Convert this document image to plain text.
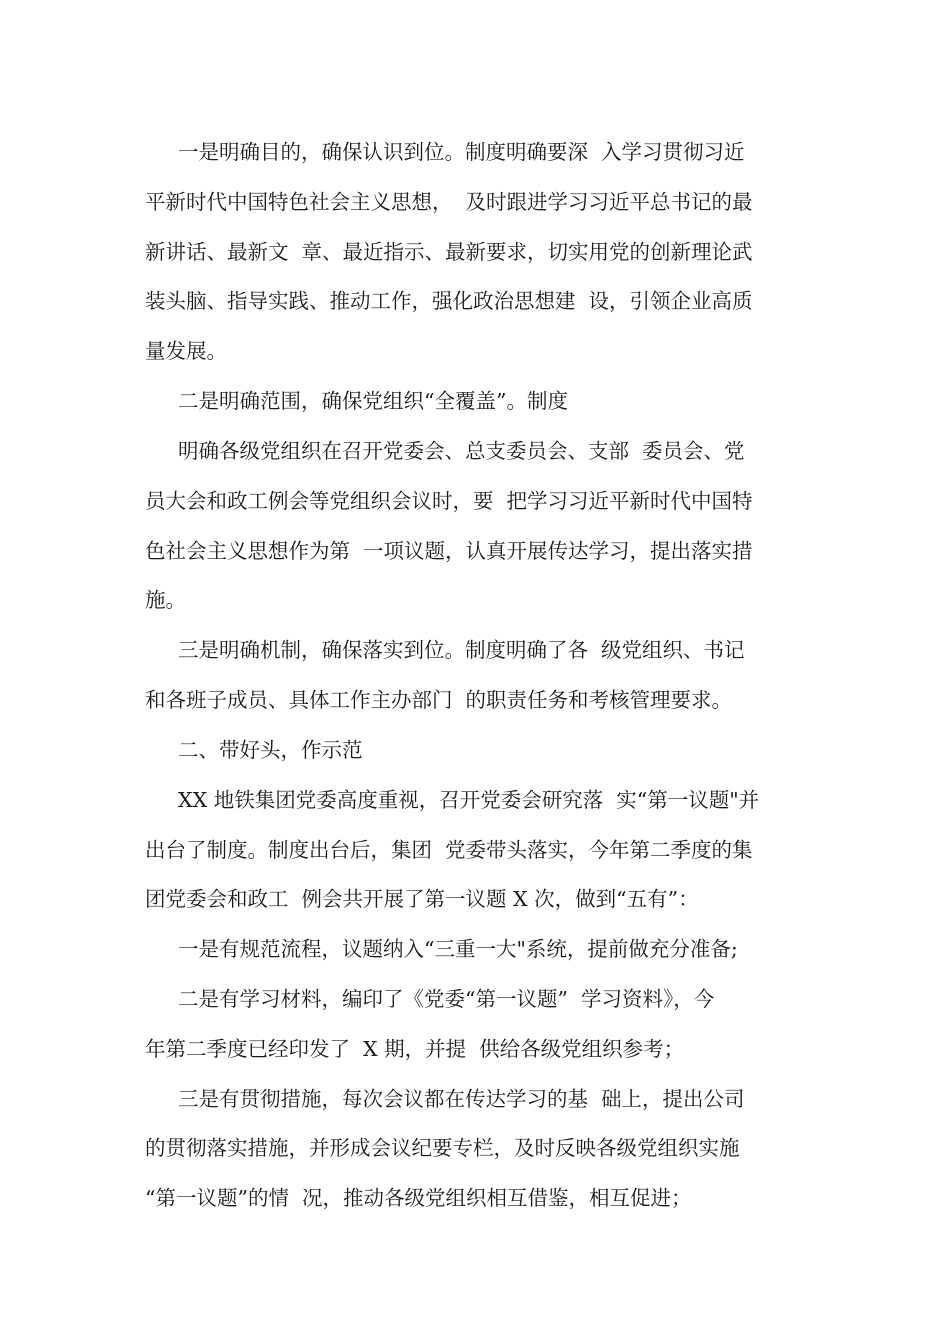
一是明确目的，确保认识到位。制度明确要深  入学习贯彻习近
平新时代中国特色社会主义思想，  及时跟进学习习近平总书记的最
新讲话、最新文  章、最近指示、最新要求，切实用党的创新理论武
装头脑、指导实践、推动工作，强化政治思想建  设，引领企业高质
量发展。
二是明确范围，确保党组织“全覆盖”。制度
明确各级党组织在召开党委会、总支委员会、支部  委员会、党
员大会和政工例会等党组织会议时，要  把学习习近平新时代中国特
色社会主义思想作为第  一项议题，认真开展传达学习，提出落实措
施。
三是明确机制，确保落实到位。制度明确了各  级党组织、书记
和各班子成员、具体工作主办部门  的职责任务和考核管理要求。
二、带好头，作示范
XX 地铁集团党委高度重视，召开党委会研究落  实“第一议题"并
出台了制度。制度出台后，集团  党委带头落实，今年第二季度的集
团党委会和政工  例会共开展了第一议题 X 次，做到“五有”：
一是有规范流程，议题纳入“三重一大"系统，提前做充分准备;
二是有学习材料，编印了《党委“第一议题”  学习资料》，今
年第二季度已经印发了  X 期，并提  供给各级党组织参考；
三是有贯彻措施，每次会议都在传达学习的基  础上，提出公司
的贯彻落实措施，并形成会议纪要专栏，及时反映各级党组织实施
“第一议题”的情  况，推动各级党组织相互借鉴，相互促进；
